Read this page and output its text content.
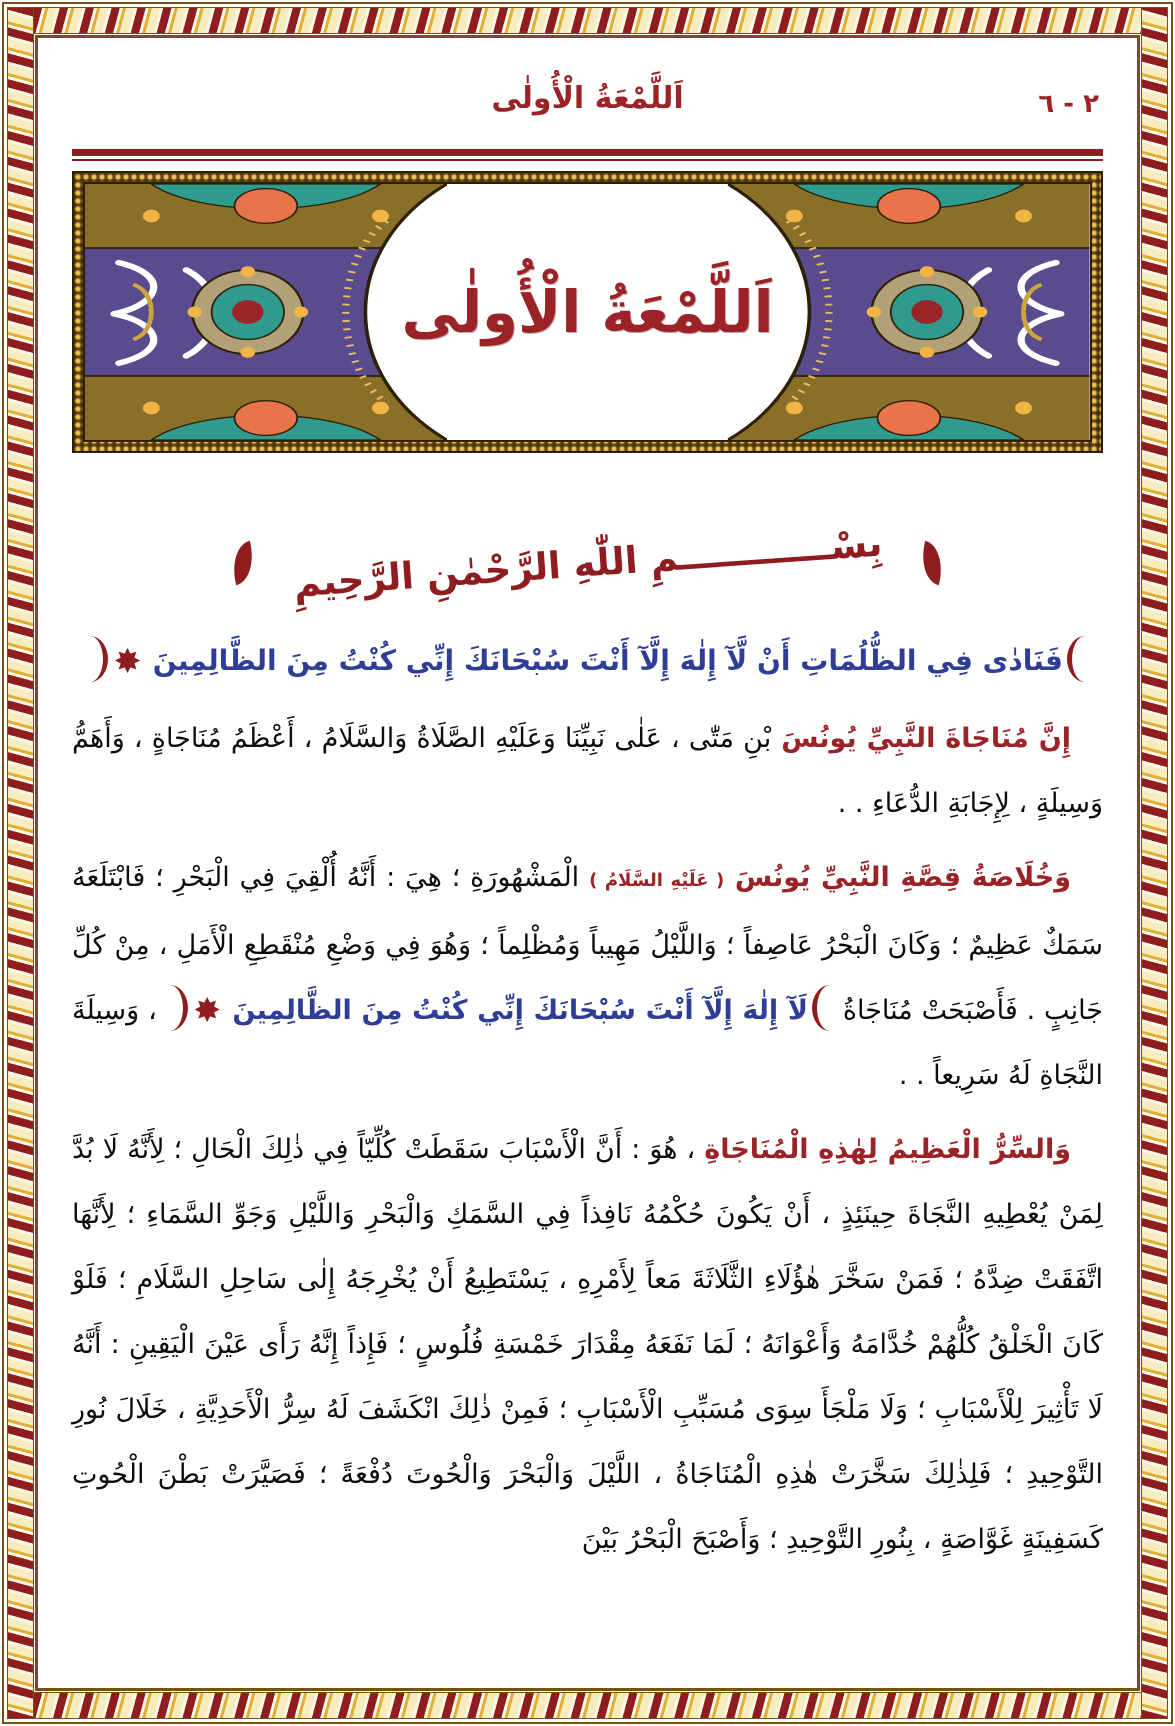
اَللَّمْعَةُ الْأُولٰى	٢ - ٦
اَللَّمْعَةُ الْأُولٰى
بِسْــــــــــــمِ اللّٰهِ الرَّحْمٰنِ الرَّحِيمِ
فَنَادٰى فِي الظُّلُمَاتِ أَنْ لَّآ إِلٰهَ إِلَّآ أَنْتَ سُبْحَانَكَ إِنِّي كُنْتُ مِنَ الظَّالِمِينَ

إِنَّ مُنَاجَاةَ النَّبِيِّ يُونُسَ بْنِ مَتّٰى ، عَلٰى نَبِيِّنَا وَعَلَيْهِ الصَّلَاةُ وَالسَّلَامُ ، أَعْظَمُ مُنَاجَاةٍ ، وَأَهَمُّ وَسِيلَةٍ ، لِإِجَابَةِ الدُّعَاءِ . .

وَخُلَاصَةُ قِصَّةِ النَّبِيِّ يُونُسَ ( عَلَيْهِ السَّلَامُ ) الْمَشْهُورَةِ ؛ هِيَ : أَنَّهُ أُلْقِيَ فِي الْبَحْرِ ؛ فَابْتَلَعَهُ سَمَكٌ عَظِيمٌ ؛ وَكَانَ الْبَحْرُ عَاصِفاً ؛ وَاللَّيْلُ مَهِيباً وَمُظْلِماً ؛ وَهُوَ فِي وَضْعِ مُنْقَطِعِ الْأَمَلِ ، مِنْ كُلِّ جَانِبٍ . فَأَصْبَحَتْ مُنَاجَاةُ لَآ إِلٰهَ إِلَّآ أَنْتَ سُبْحَانَكَ إِنِّي كُنْتُ مِنَ الظَّالِمِينَ  ، وَسِيلَةَ النَّجَاةِ لَهُ سَرِيعاً . .

وَالسِّرُّ الْعَظِيمُ لِهٰذِهِ الْمُنَاجَاةِ ، هُوَ : أَنَّ الْأَسْبَابَ سَقَطَتْ كُلِّيّاً فِي ذٰلِكَ الْحَالِ ؛ لِأَنَّهُ لَا بُدَّ لِمَنْ يُعْطِيهِ النَّجَاةَ حِينَئِذٍ ، أَنْ يَكُونَ حُكْمُهُ نَافِذاً فِي السَّمَكِ وَالْبَحْرِ وَاللَّيْلِ وَجَوِّ السَّمَاءِ ؛ لِأَنَّهَا اتَّفَقَتْ ضِدَّهُ ؛ فَمَنْ سَخَّرَ هٰؤُلَاءِ الثَّلَاثَةَ مَعاً لِأَمْرِهِ ، يَسْتَطِيعُ أَنْ يُخْرِجَهُ إِلٰى سَاحِلِ السَّلَامِ ؛ فَلَوْ كَانَ الْخَلْقُ كُلُّهُمْ خُدَّامَهُ وَأَعْوَانَهُ ؛ لَمَا نَفَعَهُ مِقْدَارَ خَمْسَةِ فُلُوسٍ ؛ فَإِذاً إِنَّهُ رَأَى عَيْنَ الْيَقِينِ : أَنَّهُ لَا تَأْثِيرَ لِلْأَسْبَابِ ؛ وَلَا مَلْجَأَ سِوَى مُسَبِّبِ الْأَسْبَابِ ؛ فَمِنْ ذٰلِكَ انْكَشَفَ لَهُ سِرُّ الْأَحَدِيَّةِ ، خَلَالَ نُورِ التَّوْحِيدِ ؛ فَلِذٰلِكَ سَخَّرَتْ هٰذِهِ الْمُنَاجَاةُ ، اللَّيْلَ وَالْبَحْرَ وَالْحُوتَ دُفْعَةً ؛ فَصَيَّرَتْ بَطْنَ الْحُوتِ كَسَفِينَةٍ غَوَّاصَةٍ ، بِنُورِ التَّوْحِيدِ ؛ وَأَصْبَحَ الْبَحْرُ بَيْنَ
